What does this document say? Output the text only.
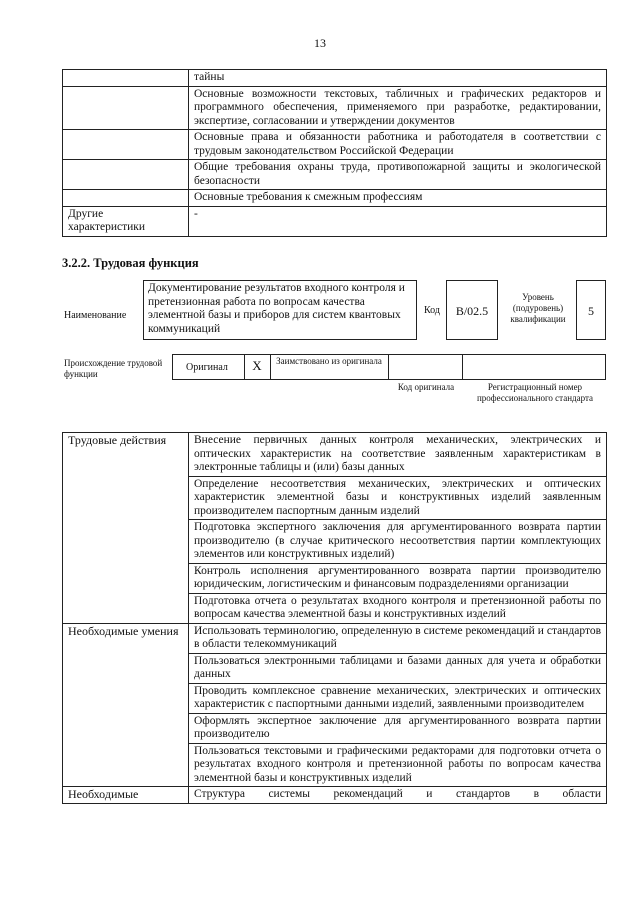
13
	тайны
	Основные возможности текстовых, табличных и графических редакторов и программного обеспечения, применяемого при разработке, редактировании, экспертизе, согласовании и утверждении документов
	Основные права и обязанности работника и работодателя в соответствии с трудовым законодательством Российской Федерации
	Общие требования охраны труда, противопожарной защиты и экологической безопасности
	Основные требования к смежным профессиям
Другие характеристики	-
3.2.2. Трудовая функция
Наименование
Документирование результатов входного контроля и претензионная работа по вопросам качества элементной базы и приборов для систем квантовых коммуникаций
Код	B/02.5
Уровень (подуровень) квалификации
5
Происхождение трудовой функции
Оригинал	X	Заимствовано из оригинала
Код оригинала	Регистрационный номер профессионального стандарта
Трудовые действия	Внесение первичных данных контроля механических, электрических и оптических характеристик на соответствие заявленным характеристикам в электронные таблицы и (или) базы данных
	Определение несоответствия механических, электрических и оптических характеристик элементной базы и конструктивных изделий заявленным производителем паспортным данным изделий
	Подготовка экспертного заключения для аргументированного возврата партии производителю (в случае критического несоответствия партии комплектующих элементов или конструктивных изделий)
	Контроль исполнения аргументированного возврата партии производителю юридическим, логистическим и финансовым подразделениями организации
	Подготовка отчета о результатах входного контроля и претензионной работы по вопросам качества элементной базы и конструктивных изделий
Необходимые умения	Использовать терминологию, определенную в системе рекомендаций и стандартов в области телекоммуникаций
	Пользоваться электронными таблицами и базами данных для учета и обработки данных
	Проводить комплексное сравнение механических, электрических и оптических характеристик с паспортными данными изделий, заявленными производителем
	Оформлять экспертное заключение для аргументированного возврата партии производителю
	Пользоваться текстовыми и графическими редакторами для подготовки отчета о результатах входного контроля и претензионной работы по вопросам качества элементной базы и конструктивных изделий
Необходимые	Структура системы рекомендаций и стандартов в области
